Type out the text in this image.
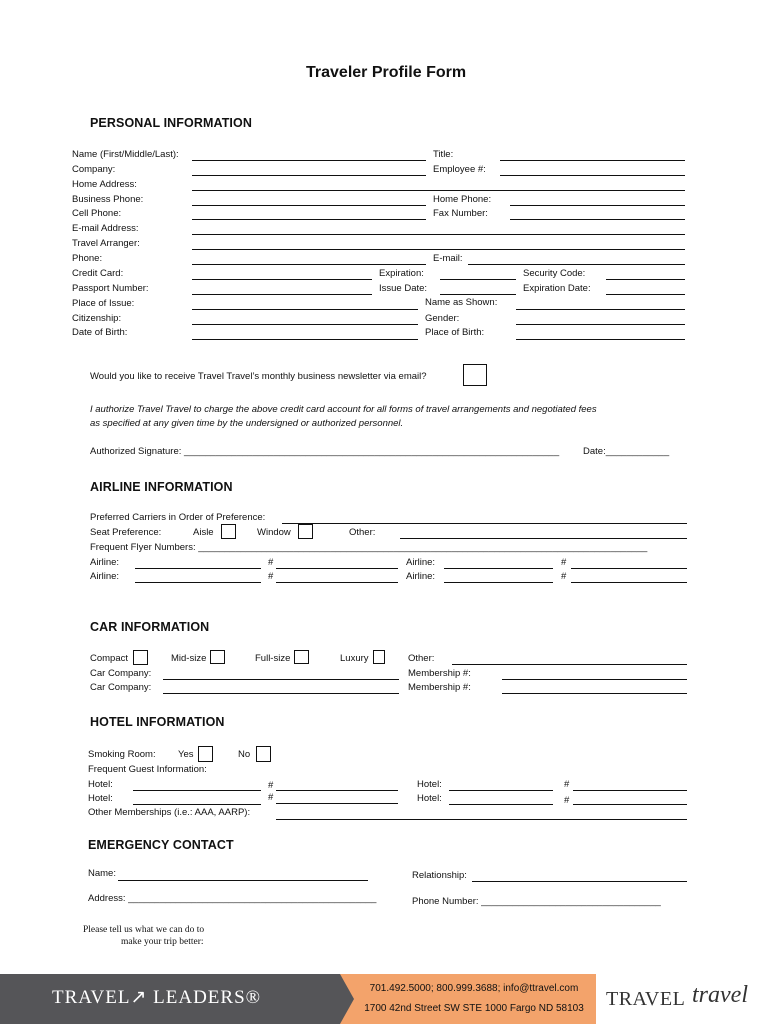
Traveler Profile Form
PERSONAL INFORMATION
Name (First/Middle/Last):	Title:
Company:	Employee #:
Home Address:
Business Phone:	Home Phone:
Cell Phone:	Fax Number:
E-mail Address:
Travel Arranger:
Phone:	E-mail:
Credit Card:	Expiration:	Security Code:
Passport Number:	Issue Date:	Expiration Date:
Place of Issue:	Name as Shown:
Citizenship:	Gender:
Date of Birth:	Place of Birth:
Would you like to receive Travel Travel’s monthly business newsletter via email?
I authorize Travel Travel to charge the above credit card account for all forms of travel arrangements and negotiated fees
as specified at any given time by the undersigned or authorized personnel.
Authorized Signature: _______________________________________________________________________	Date:____________
AIRLINE INFORMATION
Preferred Carriers in Order of Preference:
Seat Preference:	Aisle	Window	Other:
Frequent Flyer Numbers: _____________________________________________________________________________________
Airline:	#	Airline:	#
Airline:	#	Airline:	#
CAR INFORMATION
Compact	Mid-size	Full-size	Luxury	Other:
Car Company:	Membership #:
Car Company:	Membership #:
HOTEL INFORMATION
Smoking Room: Yes	No
Frequent Guest Information:
Hotel:	#	Hotel:	#
Hotel:	#	Hotel:	#
Other Memberships (i.e.: AAA, AARP):
EMERGENCY CONTACT
Name:	Relationship:
Address: _______________________________________________	Phone Number: __________________________________
Please tell us what we can do to
make your trip better:
TRAVEL↗ LEADERS®	701.492.5000; 800.999.3688; info@ttravel.com
1700 42nd Street SW STE 1000 Fargo ND 58103	TRAVEL travel
